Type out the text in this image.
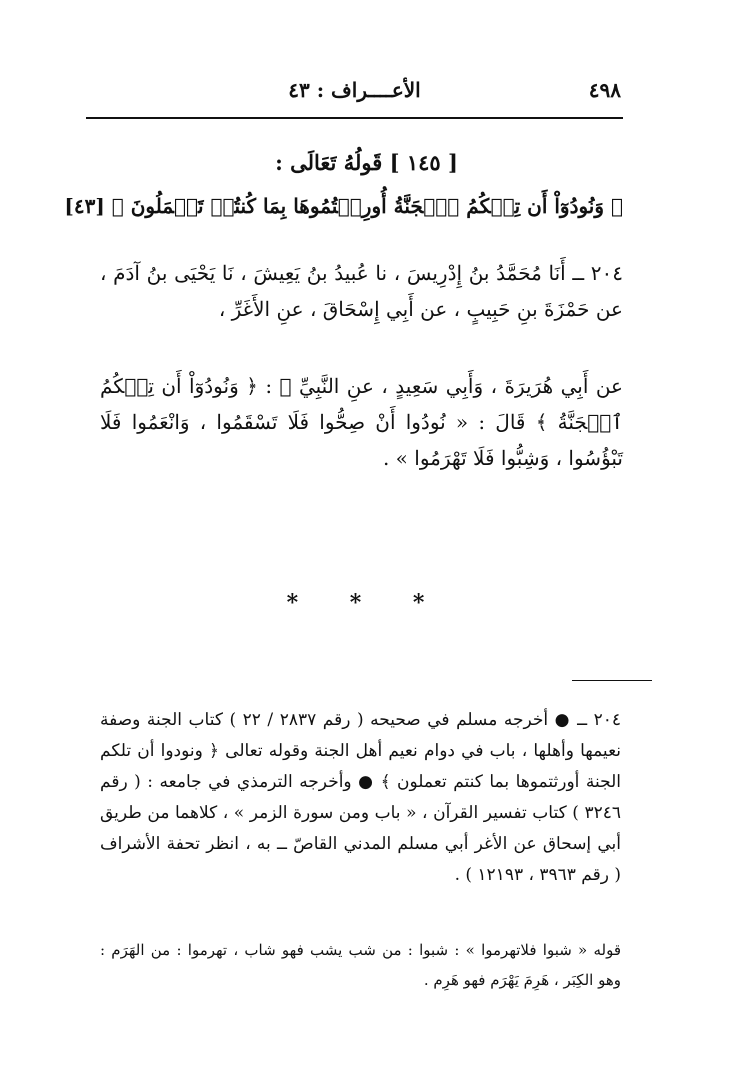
٤٩٨
الأعــــراف : ٤٣
[ ١٤٥ ] قَولُهُ تَعَالَى :
﴿ وَنُودُوٓاْ أَن تِلۡكُمُ ٱلۡجَنَّةُ أُورِثۡتُمُوهَا بِمَا كُنتُمۡ تَعۡمَلُونَ ﴾ [٤٣]
٢٠٤ ــ أَنَا مُحَمَّدُ بنُ إِدْرِيسَ ، نا عُبيدُ بنُ يَعِيشَ ، نَا يَحْيَى بنُ آدَمَ ، عن حَمْزَةَ بنِ حَبِيبٍ ، عن أَبِي إِسْحَاقَ ، عنِ الأَغَرِّ ،
عن أَبِي هُرَيرَةَ ، وَأَبِي سَعِيدٍ ، عنِ النَّبِيِّ ﷺ : ﴿ وَنُودُوٓاْ أَن تِلۡكُمُ ٱلۡجَنَّةُ ﴾ قَالَ : « نُودُوا أَنْ صِحُّوا فَلَا تَسْقَمُوا ، وَانْعَمُوا فَلَا تَبْؤُسُوا ، وَشِبُّوا فَلَا تَهْرَمُوا » .
* * *
٢٠٤ ــ ● أخرجه مسلم في صحيحه ( رقم ٢٨٣٧ / ٢٢ ) كتاب الجنة وصفة نعيمها وأهلها ، باب في دوام نعيم أهل الجنة وقوله تعالى ﴿ ونودوا أن تلكم الجنة أورثتموها بما كنتم تعملون ﴾ ● وأخرجه الترمذي في جامعه : ( رقم ٣٢٤٦ ) كتاب تفسير القرآن ، « باب ومن سورة الزمر » ، كلاهما من طريق أبي إسحاق عن الأغر أبي مسلم المدني القاصّ ــ به ، انظر تحفة الأشراف ( رقم ٣٩٦٣ ، ١٢١٩٣ ) .
قوله « شبوا فلاتهرموا » : شبوا : من شب يشب فهو شاب ، تهرموا : من الهَرَم : وهو الكِبَر ، هَرِمَ يَهْرَم فهو هَرِم .
